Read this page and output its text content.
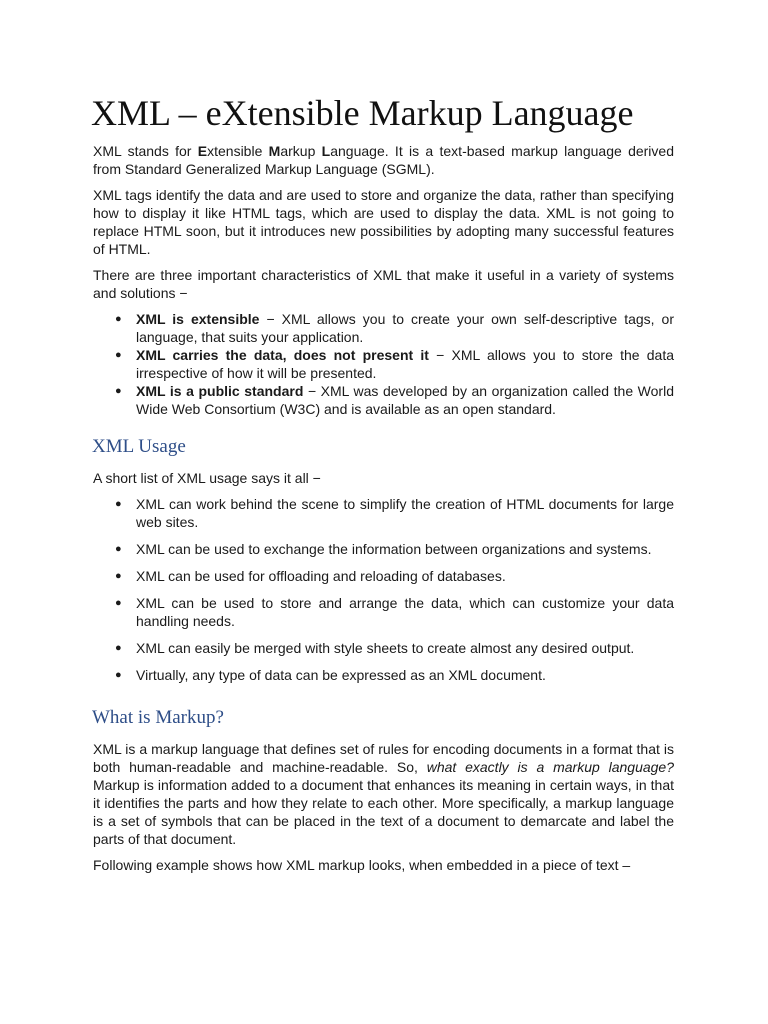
XML – eXtensible Markup Language

XML stands for Extensible Markup Language. It is a text-based markup language derived from Standard Generalized Markup Language (SGML).

XML tags identify the data and are used to store and organize the data, rather than specifying how to display it like HTML tags, which are used to display the data. XML is not going to replace HTML soon, but it introduces new possibilities by adopting many successful features of HTML.

There are three important characteristics of XML that make it useful in a variety of systems and solutions −

● XML is extensible − XML allows you to create your own self-descriptive tags, or language, that suits your application.
● XML carries the data, does not present it − XML allows you to store the data irrespective of how it will be presented.
● XML is a public standard − XML was developed by an organization called the World Wide Web Consortium (W3C) and is available as an open standard.
XML Usage

A short list of XML usage says it all −

● XML can work behind the scene to simplify the creation of HTML documents for large web sites.
● XML can be used to exchange the information between organizations and systems.
● XML can be used for offloading and reloading of databases.
● XML can be used to store and arrange the data, which can customize your data handling needs.
● XML can easily be merged with style sheets to create almost any desired output.
● Virtually, any type of data can be expressed as an XML document.
What is Markup?

XML is a markup language that defines set of rules for encoding documents in a format that is both human-readable and machine-readable. So, what exactly is a markup language? Markup is information added to a document that enhances its meaning in certain ways, in that it identifies the parts and how they relate to each other. More specifically, a markup language is a set of symbols that can be placed in the text of a document to demarcate and label the parts of that document.

Following example shows how XML markup looks, when embedded in a piece of text –
